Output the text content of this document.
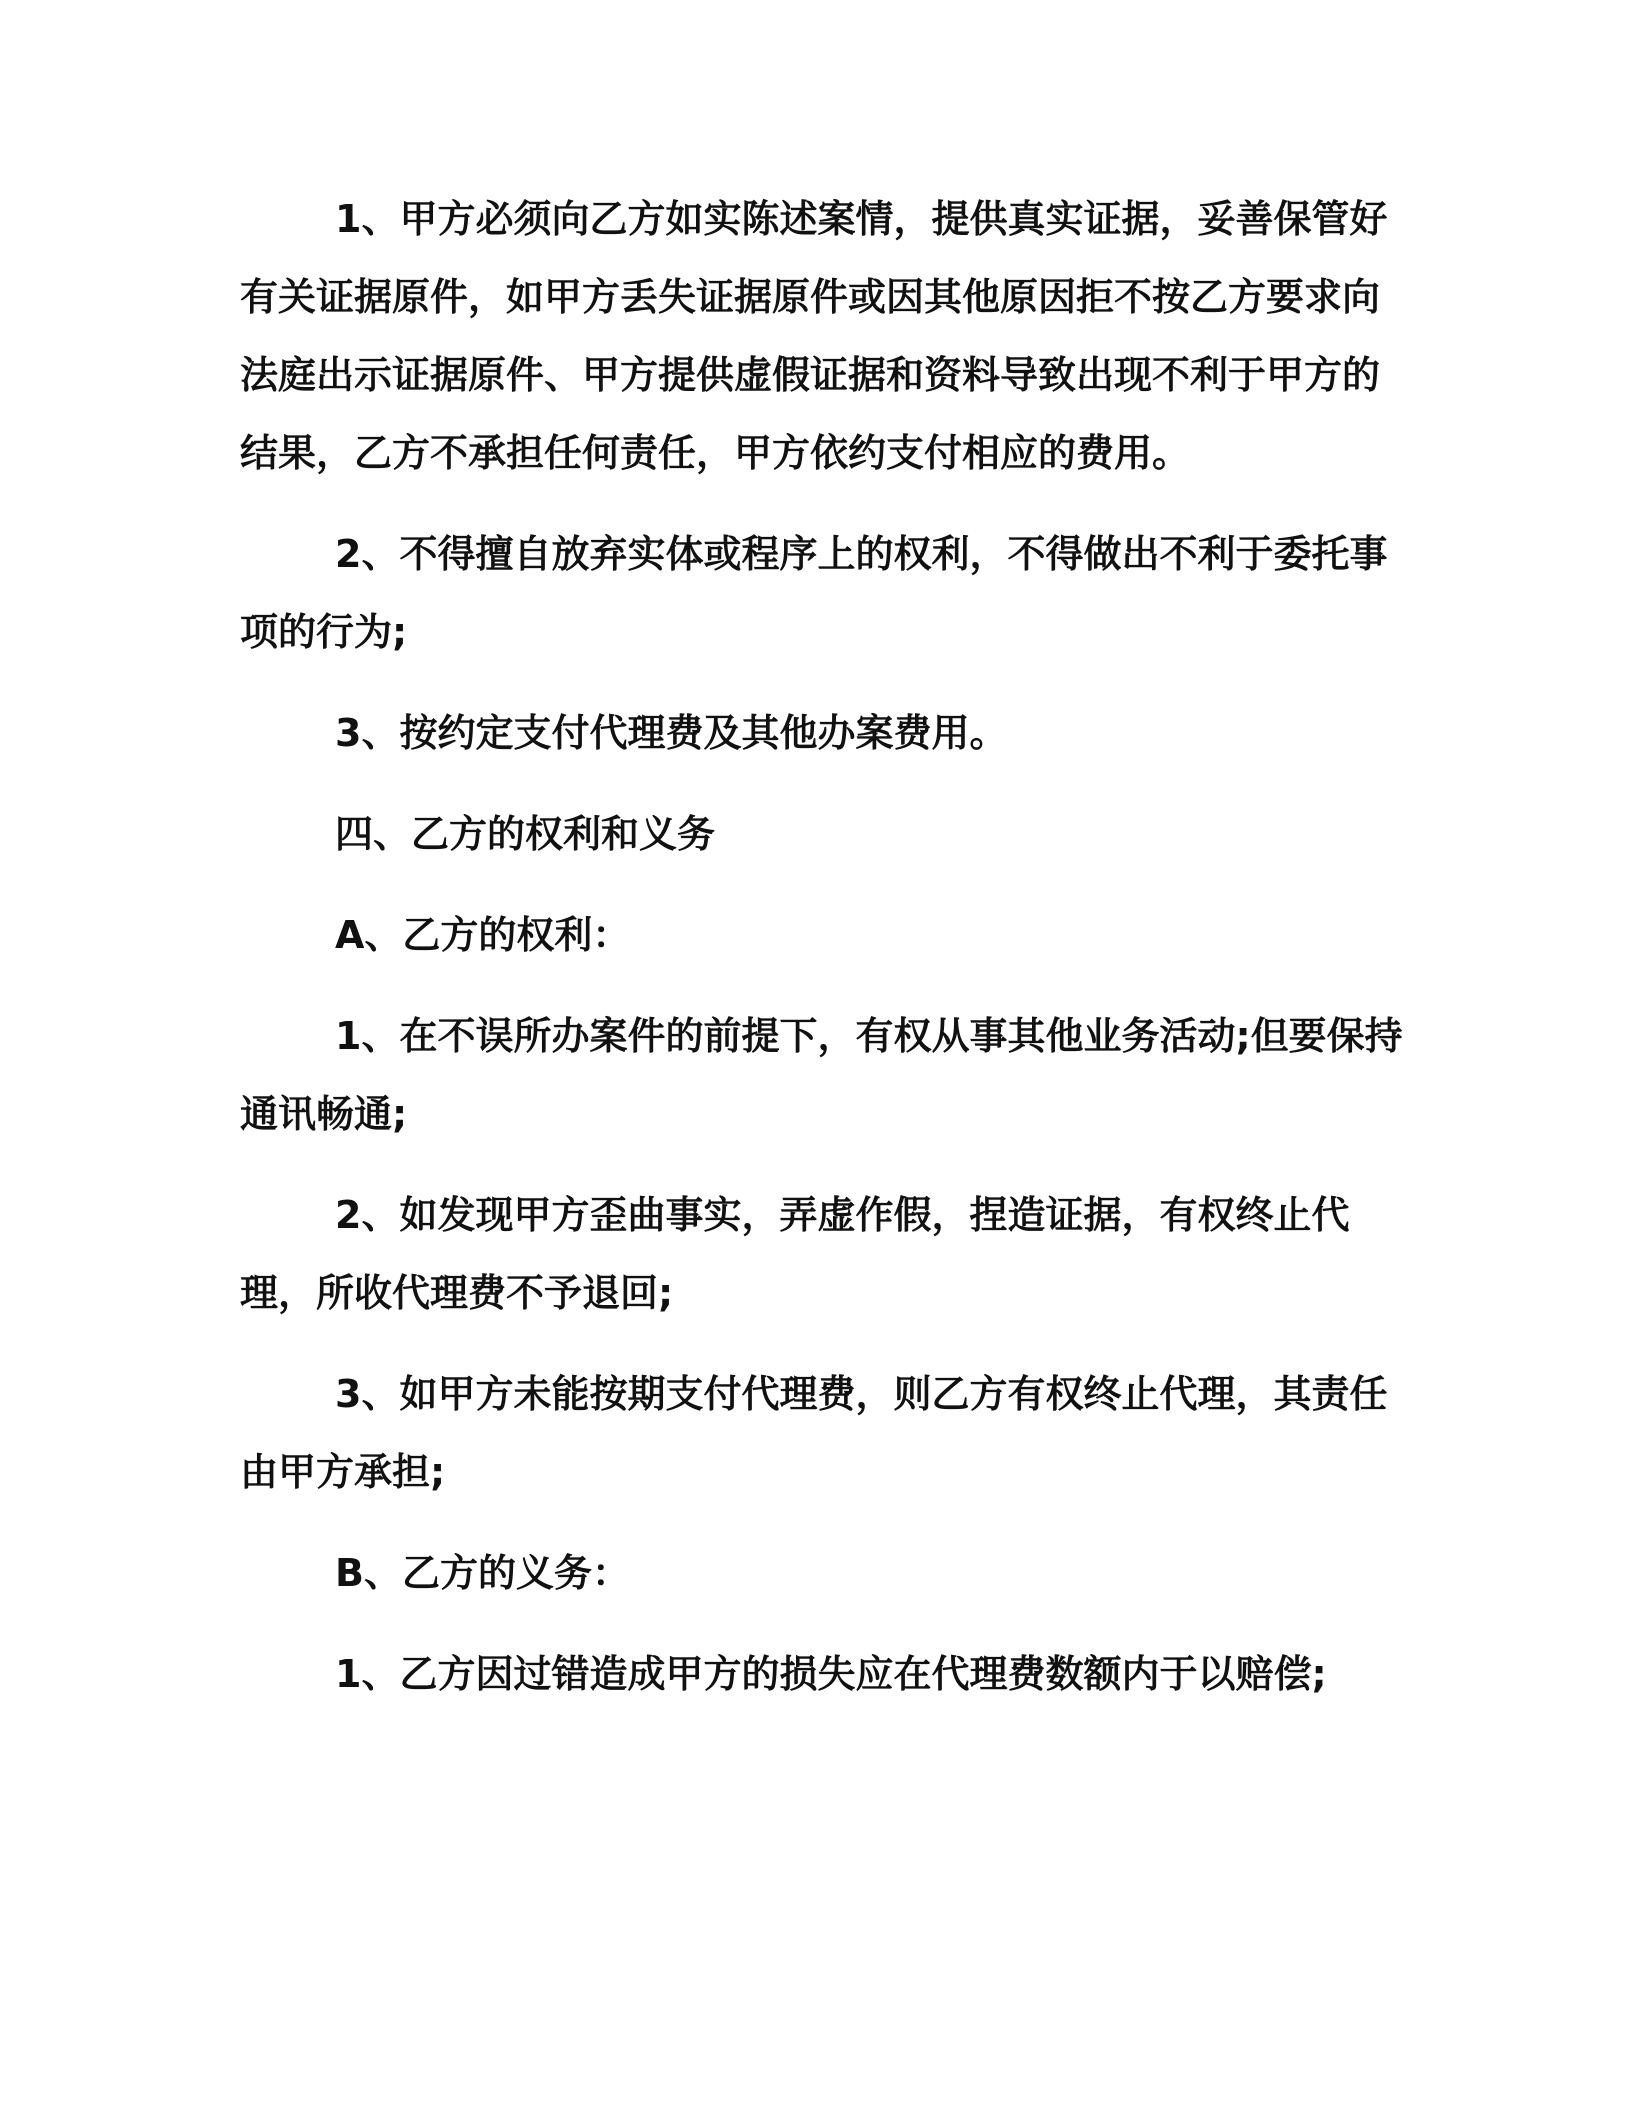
1、甲方必须向乙方如实陈述案情，提供真实证据，妥善保管好有关证据原件，如甲方丢失证据原件或因其他原因拒不按乙方要求向法庭出示证据原件、甲方提供虚假证据和资料导致出现不利于甲方的结果，乙方不承担任何责任，甲方依约支付相应的费用。

2、不得擅自放弃实体或程序上的权利，不得做出不利于委托事项的行为;

3、按约定支付代理费及其他办案费用。

四、乙方的权利和义务

A、乙方的权利：

1、在不误所办案件的前提下，有权从事其他业务活动;但要保持通讯畅通;

2、如发现甲方歪曲事实，弄虚作假，捏造证据，有权终止代理，所收代理费不予退回;

3、如甲方未能按期支付代理费，则乙方有权终止代理，其责任由甲方承担;

B、乙方的义务：

1、乙方因过错造成甲方的损失应在代理费数额内于以赔偿;
